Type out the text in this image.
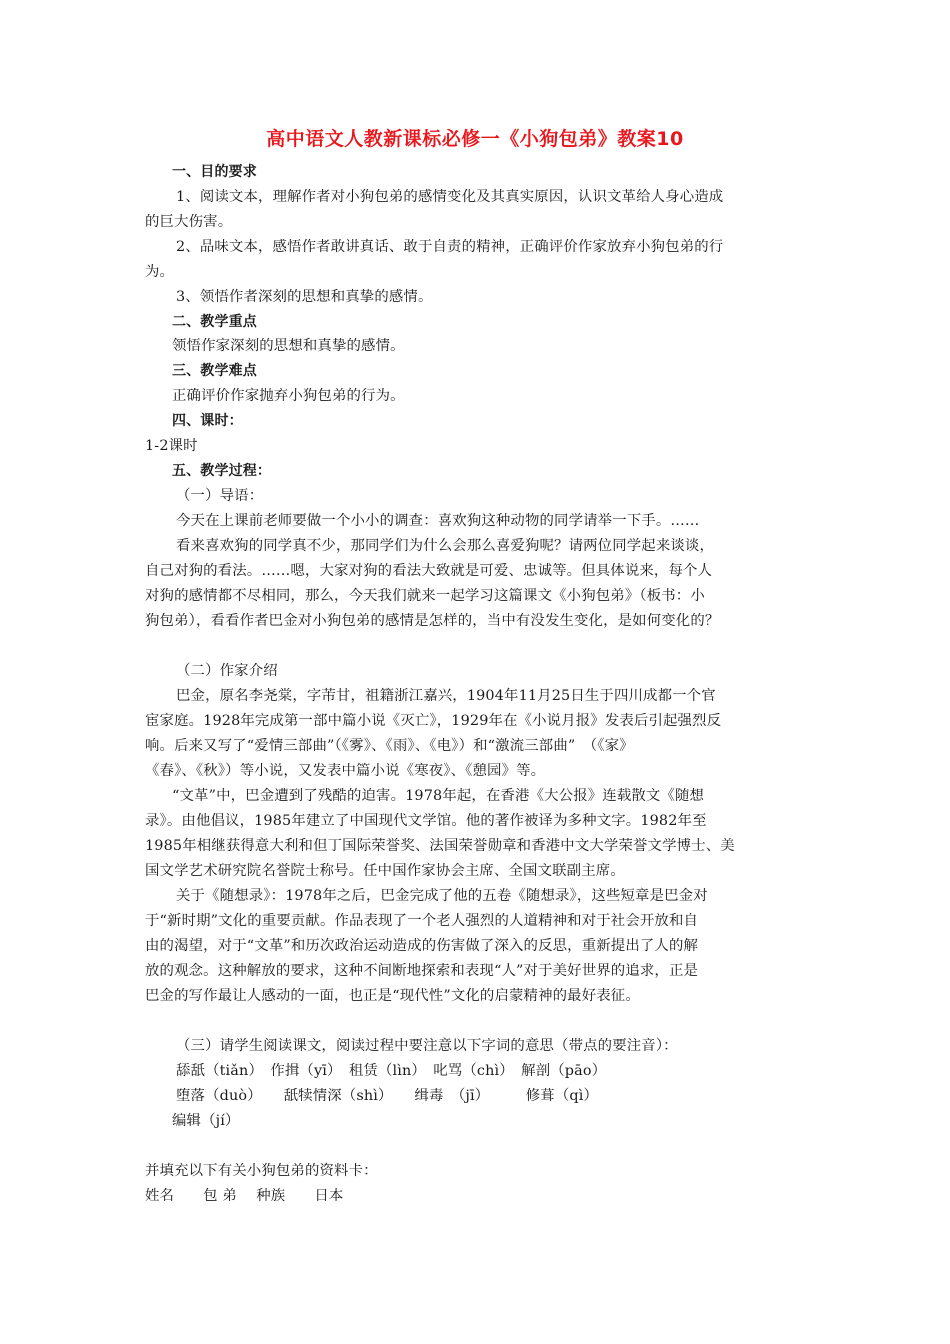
高中语文人教新课标必修一《小狗包弟》教案10
一、目的要求
1、阅读文本，理解作者对小狗包弟的感情变化及其真实原因，认识文革给人身心造成
的巨大伤害。
2、品味文本，感悟作者敢讲真话、敢于自责的精神，正确评价作家放弃小狗包弟的行
为。
3、领悟作者深刻的思想和真挚的感情。
二、教学重点
领悟作家深刻的思想和真挚的感情。
三、教学难点
正确评价作家抛弃小狗包弟的行为。
四、课时：
1-2课时
五、教学过程：
（一）导语：
今天在上课前老师要做一个小小的调查：喜欢狗这种动物的同学请举一下手。……
看来喜欢狗的同学真不少，那同学们为什么会那么喜爱狗呢？请两位同学起来谈谈，
自己对狗的看法。……嗯，大家对狗的看法大致就是可爱、忠诚等。但具体说来，每个人
对狗的感情都不尽相同，那么，今天我们就来一起学习这篇课文《小狗包弟》（板书：小
狗包弟），看看作者巴金对小狗包弟的感情是怎样的，当中有没发生变化，是如何变化的？
（二）作家介绍
巴金，原名李尧棠，字芾甘，祖籍浙江嘉兴，1904年11月25日生于四川成都一个官
宦家庭。1928年完成第一部中篇小说《灭亡》，1929年在《小说月报》发表后引起强烈反
响。后来又写了“爱情三部曲”（《雾》、《雨》、《电》）和“激流三部曲”　（《家》
《春》、《秋》）等小说，又发表中篇小说《寒夜》、《憩园》等。
“文革”中，巴金遭到了残酷的迫害。1978年起，在香港《大公报》连载散文《随想
录》。由他倡议，1985年建立了中国现代文学馆。他的著作被译为多种文字。1982年至
1985年相继获得意大利和但丁国际荣誉奖、法国荣誉勋章和香港中文大学荣誉文学博士、美
国文学艺术研究院名誉院士称号。任中国作家协会主席、全国文联副主席。
关于《随想录》：1978年之后，巴金完成了他的五卷《随想录》，这些短章是巴金对
于“新时期”文化的重要贡献。作品表现了一个老人强烈的人道精神和对于社会开放和自
由的渴望，对于“文革”和历次政治运动造成的伤害做了深入的反思，重新提出了人的解
放的观念。这种解放的要求，这种不间断地探索和表现“人”对于美好世界的追求，正是
巴金的写作最让人感动的一面，也正是“现代性”文化的启蒙精神的最好表征。
（三）请学生阅读课文，阅读过程中要注意以下字词的意思（带点的要注音）：
舔舐（tiǎn）　作揖（yī）　租赁（lìn）　叱骂（chì）　解剖（pāo）
堕落（duò）　　舐犊情深（shì）　　缉毒　（jī）　　　修葺（qì）
编辑（jí）
并填充以下有关小狗包弟的资料卡：
姓名　　包 弟　 种族　　日本
